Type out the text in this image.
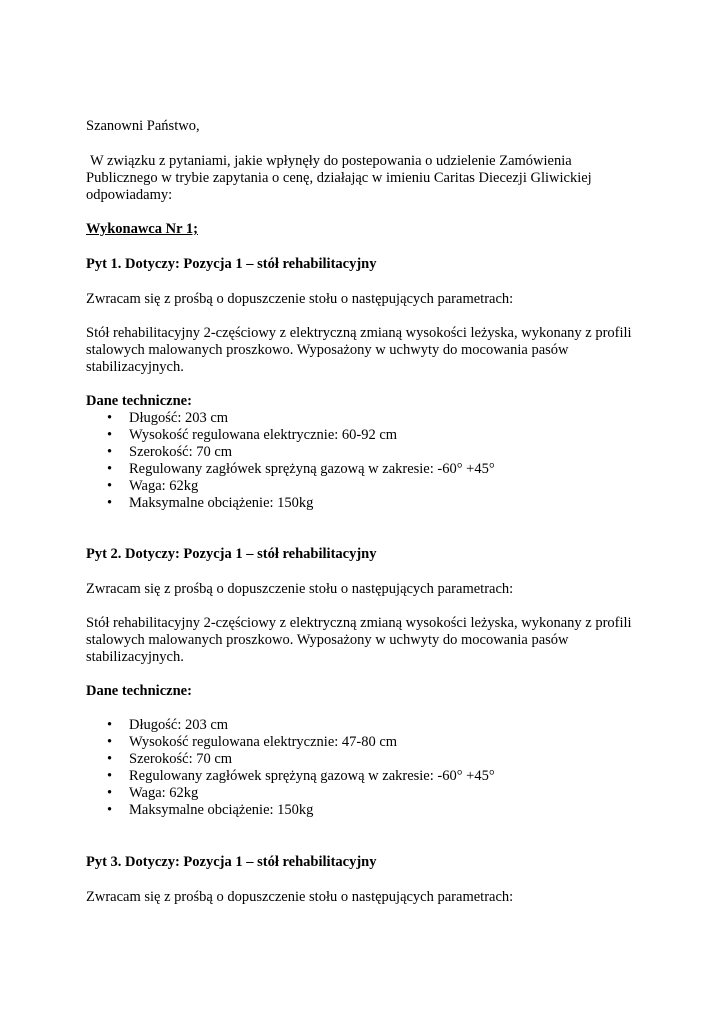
Szanowni Państwo,

W związku z pytaniami, jakie wpłynęły do postepowania o udzielenie Zamówienia

Publicznego w trybie zapytania o cenę, działając w imieniu Caritas Diecezji Gliwickiej

odpowiadamy:

Wykonawca Nr 1;

Pyt 1. Dotyczy: Pozycja 1 – stół rehabilitacyjny

Zwracam się z prośbą o dopuszczenie stołu o następujących parametrach:

Stół rehabilitacyjny 2-częściowy z elektryczną zmianą wysokości leżyska, wykonany z profili

stalowych malowanych proszkowo. Wyposażony w uchwyty do mocowania pasów

stabilizacyjnych.

Dane techniczne:

• Długość: 203 cm
• Wysokość regulowana elektrycznie: 60-92 cm
• Szerokość: 70 cm
• Regulowany zagłówek sprężyną gazową w zakresie: -60° +45°
• Waga: 62kg
• Maksymalne obciążenie: 150kg

Pyt 2. Dotyczy: Pozycja 1 – stół rehabilitacyjny

Zwracam się z prośbą o dopuszczenie stołu o następujących parametrach:

Stół rehabilitacyjny 2-częściowy z elektryczną zmianą wysokości leżyska, wykonany z profili

stalowych malowanych proszkowo. Wyposażony w uchwyty do mocowania pasów

stabilizacyjnych.

Dane techniczne:

• Długość: 203 cm
• Wysokość regulowana elektrycznie: 47-80 cm
• Szerokość: 70 cm
• Regulowany zagłówek sprężyną gazową w zakresie: -60° +45°
• Waga: 62kg
• Maksymalne obciążenie: 150kg

Pyt 3. Dotyczy: Pozycja 1 – stół rehabilitacyjny

Zwracam się z prośbą o dopuszczenie stołu o następujących parametrach:
